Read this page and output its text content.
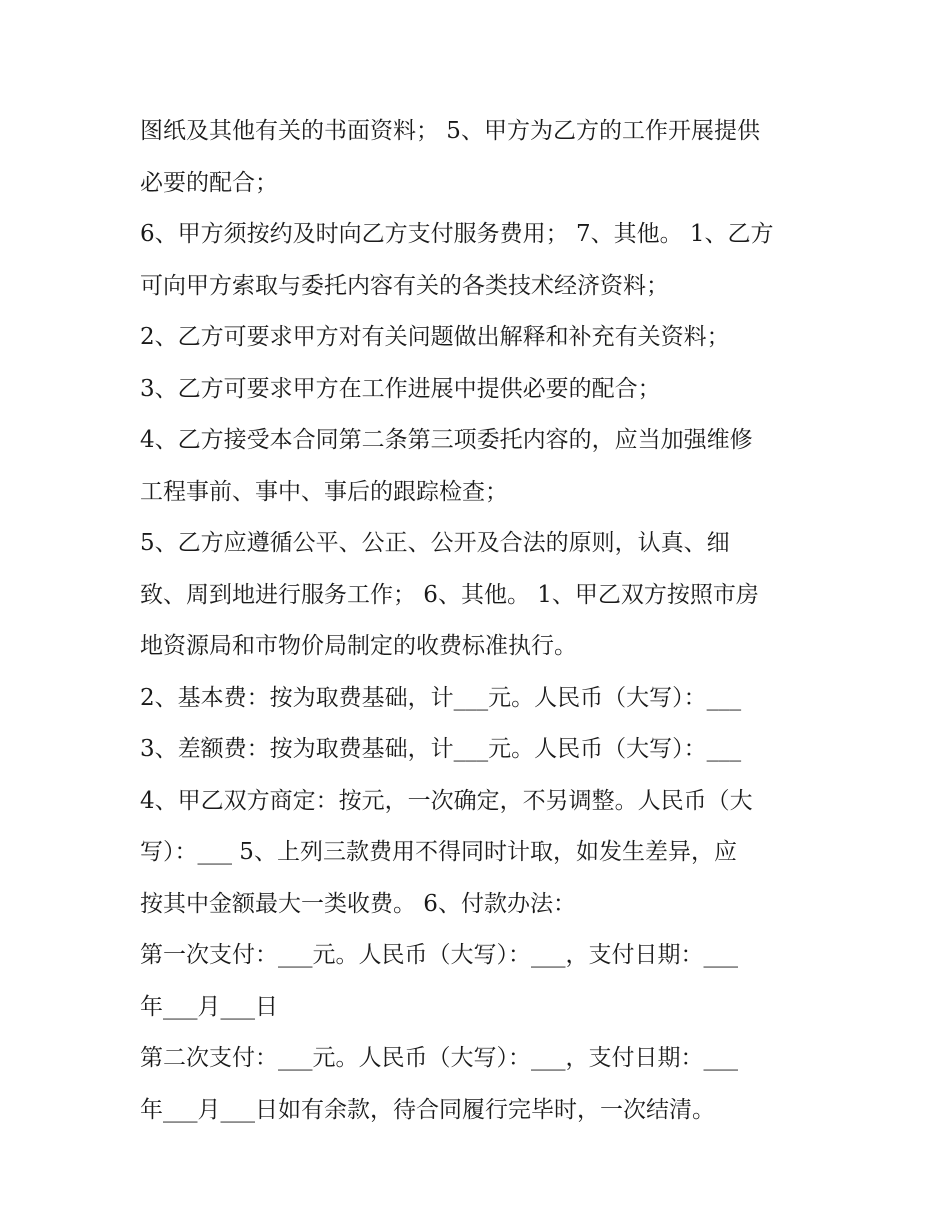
图纸及其他有关的书面资料； 5、甲方为乙方的工作开展提供
必要的配合；
6、甲方须按约及时向乙方支付服务费用； 7、其他。 1、乙方
可向甲方索取与委托内容有关的各类技术经济资料；
2、乙方可要求甲方对有关问题做出解释和补充有关资料；
3、乙方可要求甲方在工作进展中提供必要的配合；
4、乙方接受本合同第二条第三项委托内容的，应当加强维修
工程事前、事中、事后的跟踪检查；
5、乙方应遵循公平、公正、公开及合法的原则，认真、细
致、周到地进行服务工作； 6、其他。 1、甲乙双方按照市房
地资源局和市物价局制定的收费标准执行。
2、基本费：按为取费基础，计___元。人民币（大写）：___
3、差额费：按为取费基础，计___元。人民币（大写）：___
4、甲乙双方商定：按元，一次确定，不另调整。人民币（大
写）：___ 5、上列三款费用不得同时计取，如发生差异，应
按其中金额最大一类收费。 6、付款办法：
第一次支付：___元。人民币（大写）：___，支付日期：___
年___月___日
第二次支付：___元。人民币（大写）：___，支付日期：___
年___月___日如有余款，待合同履行完毕时，一次结清。
